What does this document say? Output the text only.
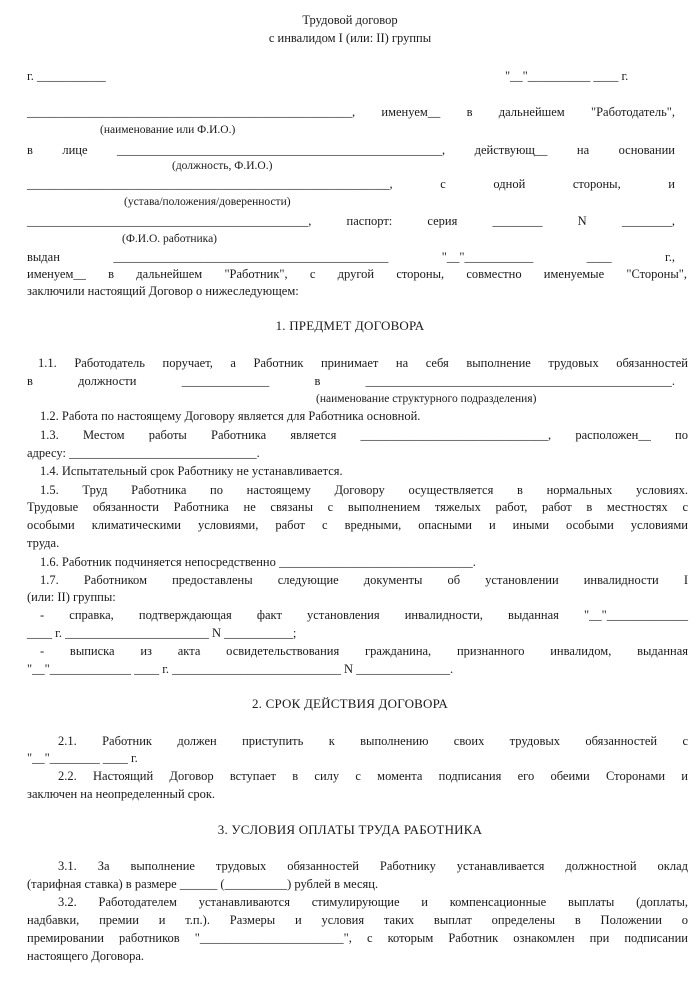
Трудовой договор
с инвалидом I (или: II) группы
г. ___________	"__"__________ ____ г.
____________________________________________________, именуем__ в дальнейшем "Работодатель",
(наименование или Ф.И.О.)
в лице ____________________________________________________, действующ__ на основании
(должность, Ф.И.О.)
__________________________________________________________, с одной стороны, и
(устава/положения/доверенности)
_____________________________________________, паспорт: серия ________ N ________,
(Ф.И.О. работника)
выдан ____________________________________________ "__"___________ ____ г.,
именуем__ в дальнейшем "Работник", с другой стороны, совместно именуемые "Стороны",
заключили настоящий Договор о нижеследующем:
1. ПРЕДМЕТ ДОГОВОРА
1.1. Работодатель поручает, а Работник принимает на себя выполнение трудовых обязанностей
в должности ______________ в _________________________________________________.
(наименование структурного подразделения)
1.2. Работа по настоящему Договору является для Работника основной.
1.3. Местом работы Работника является ______________________________, расположен__ по
адресу: ______________________________.
1.4. Испытательный срок Работнику не устанавливается.
1.5. Труд Работника по настоящему Договору осуществляется в нормальных условиях.
Трудовые обязанности Работника не связаны с выполнением тяжелых работ, работ в местностях с
особыми климатическими условиями, работ с вредными, опасными и иными особыми условиями
труда.
1.6. Работник подчиняется непосредственно _______________________________.
1.7. Работником предоставлены следующие документы об установлении инвалидности I
(или: II) группы:
- справка, подтверждающая факт установления инвалидности, выданная "__"_____________
____ г. _______________________ N ___________;
- выписка из акта освидетельствования гражданина, признанного инвалидом, выданная
"__"_____________ ____ г. ___________________________ N _______________.
2. СРОК ДЕЙСТВИЯ ДОГОВОРА
2.1. Работник должен приступить к выполнению своих трудовых обязанностей с
"__"________ ____ г.
2.2. Настоящий Договор вступает в силу с момента подписания его обеими Сторонами и
заключен на неопределенный срок.
3. УСЛОВИЯ ОПЛАТЫ ТРУДА РАБОТНИКА
3.1. За выполнение трудовых обязанностей Работнику устанавливается должностной оклад
(тарифная ставка) в размере ______ (__________) рублей в месяц.
3.2. Работодателем устанавливаются стимулирующие и компенсационные выплаты (доплаты,
надбавки, премии и т.п.). Размеры и условия таких выплат определены в Положении о
премировании работников "_______________________", с которым Работник ознакомлен при подписании
настоящего Договора.
